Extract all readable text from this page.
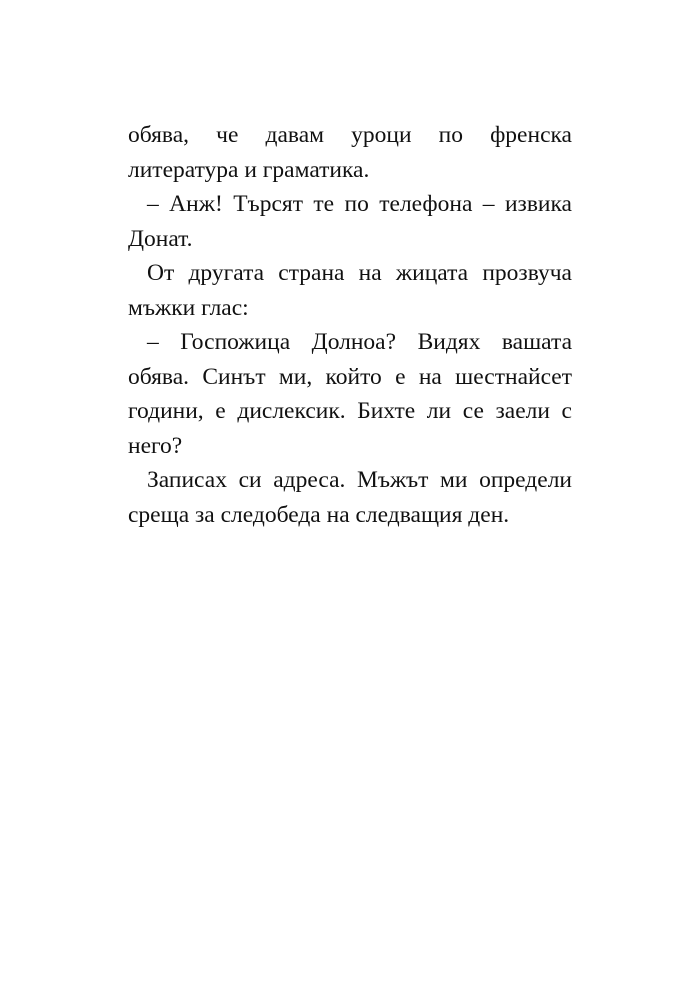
обява, че давам уроци по френска
литература и граматика.
– Анж! Търсят те по телефона – извика
Донат.
От другата страна на жицата прозвуча
мъжки глас:
– Госпожица Долноа? Видях вашата
обява. Синът ми, който е на шестнайсет
години, е дислексик. Бихте ли се заели с
него?
Записах си адреса. Мъжът ми определи
среща за следобеда на следващия ден.
